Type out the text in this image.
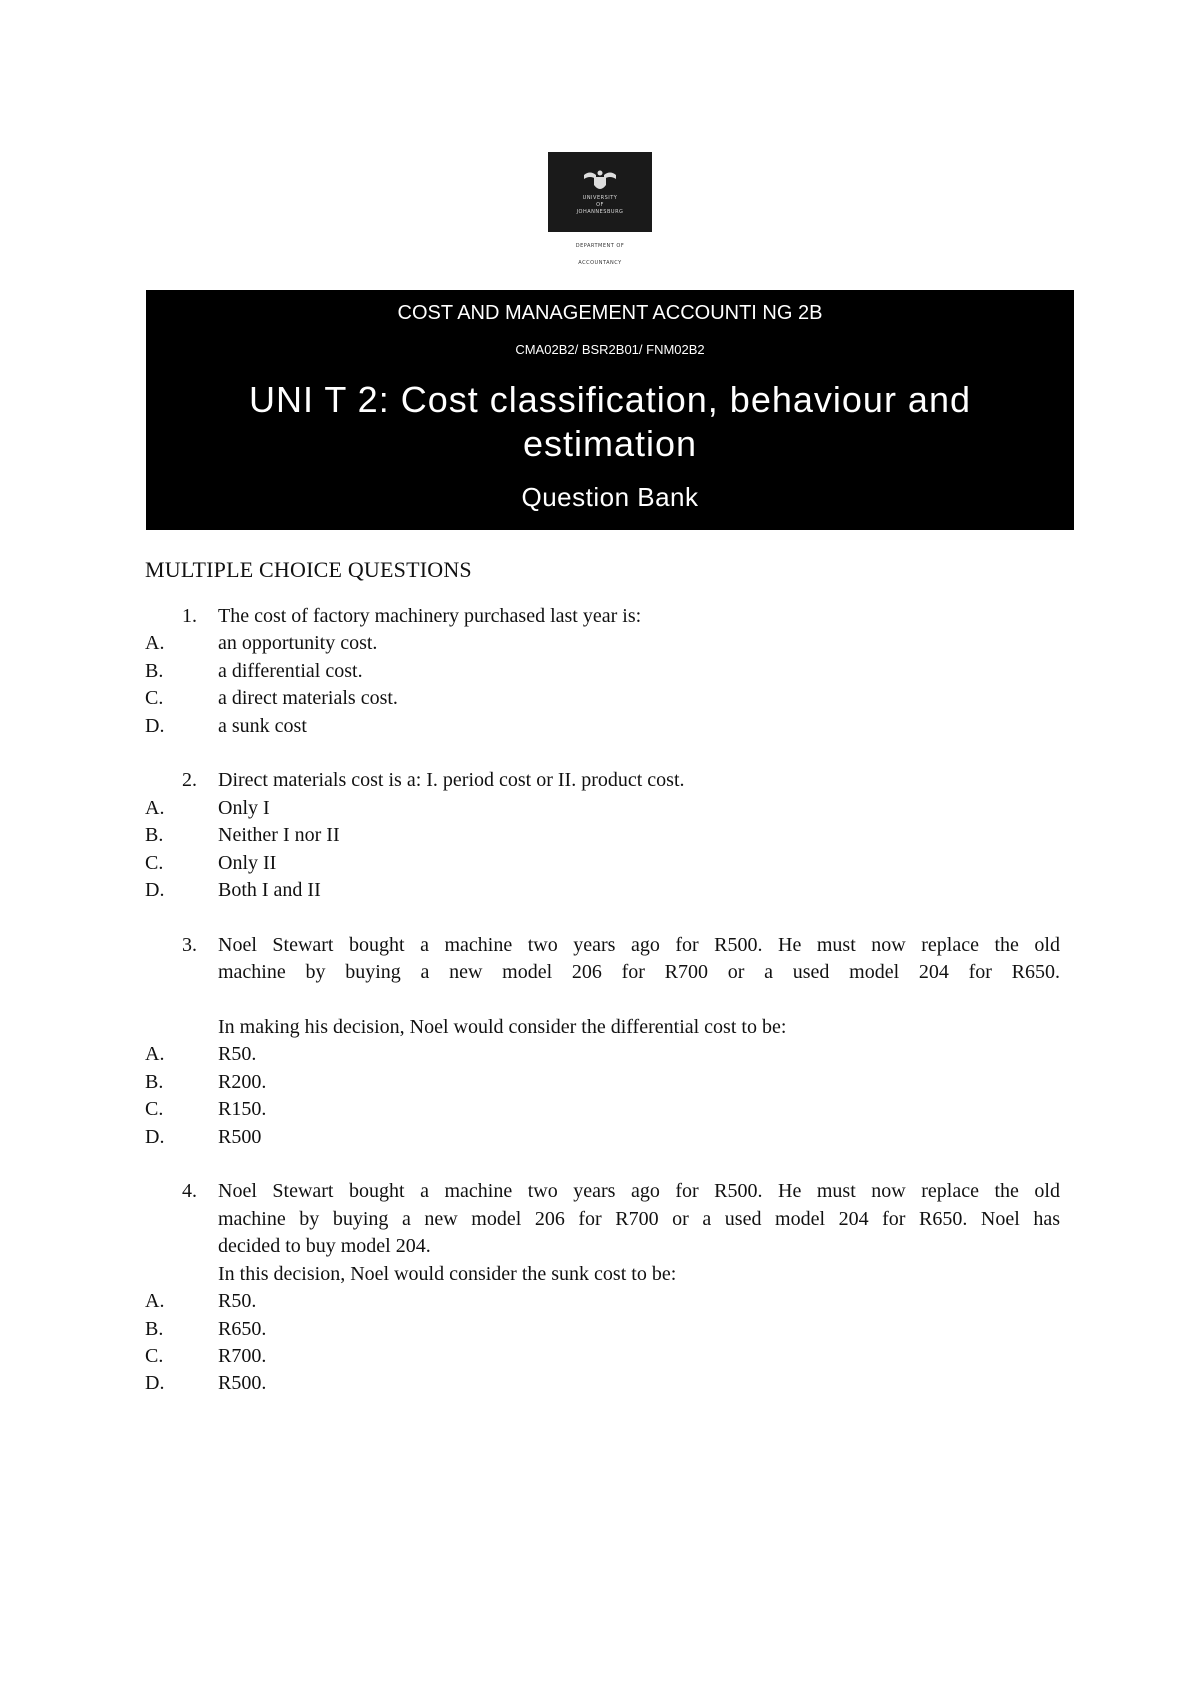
UNIVERSITY
OF
JOHANNESBURG
DEPARTMENT OF
ACCOUNTANCY
COST AND MANAGEMENT ACCOUNTI NG 2B
CMA02B2/ BSR2B01/ FNM02B2
UNI T 2: Cost classification, behaviour and estimation
Question Bank
MULTIPLE CHOICE QUESTIONS
1.	The cost of factory machinery purchased last year is:
A.	an opportunity cost.
B.	a differential cost.
C.	a direct materials cost.
D.	a sunk cost
2.	Direct materials cost is a: I. period cost or II. product cost.
A.	Only I
B.	Neither I nor II
C.	Only II
D.	Both I and II
3.	Noel Stewart bought a machine two years ago for R500. He must now replace the old
machine by buying a new model 206 for R700 or a used model 204 for R650.
In making his decision, Noel would consider the differential cost to be:
A.	R50.
B.	R200.
C.	R150.
D.	R500
4.	Noel Stewart bought a machine two years ago for R500. He must now replace the old
machine by buying a new model 206 for R700 or a used model 204 for R650. Noel has
decided to buy model 204.
In this decision, Noel would consider the sunk cost to be:
A.	R50.
B.	R650.
C.	R700.
D.	R500.
